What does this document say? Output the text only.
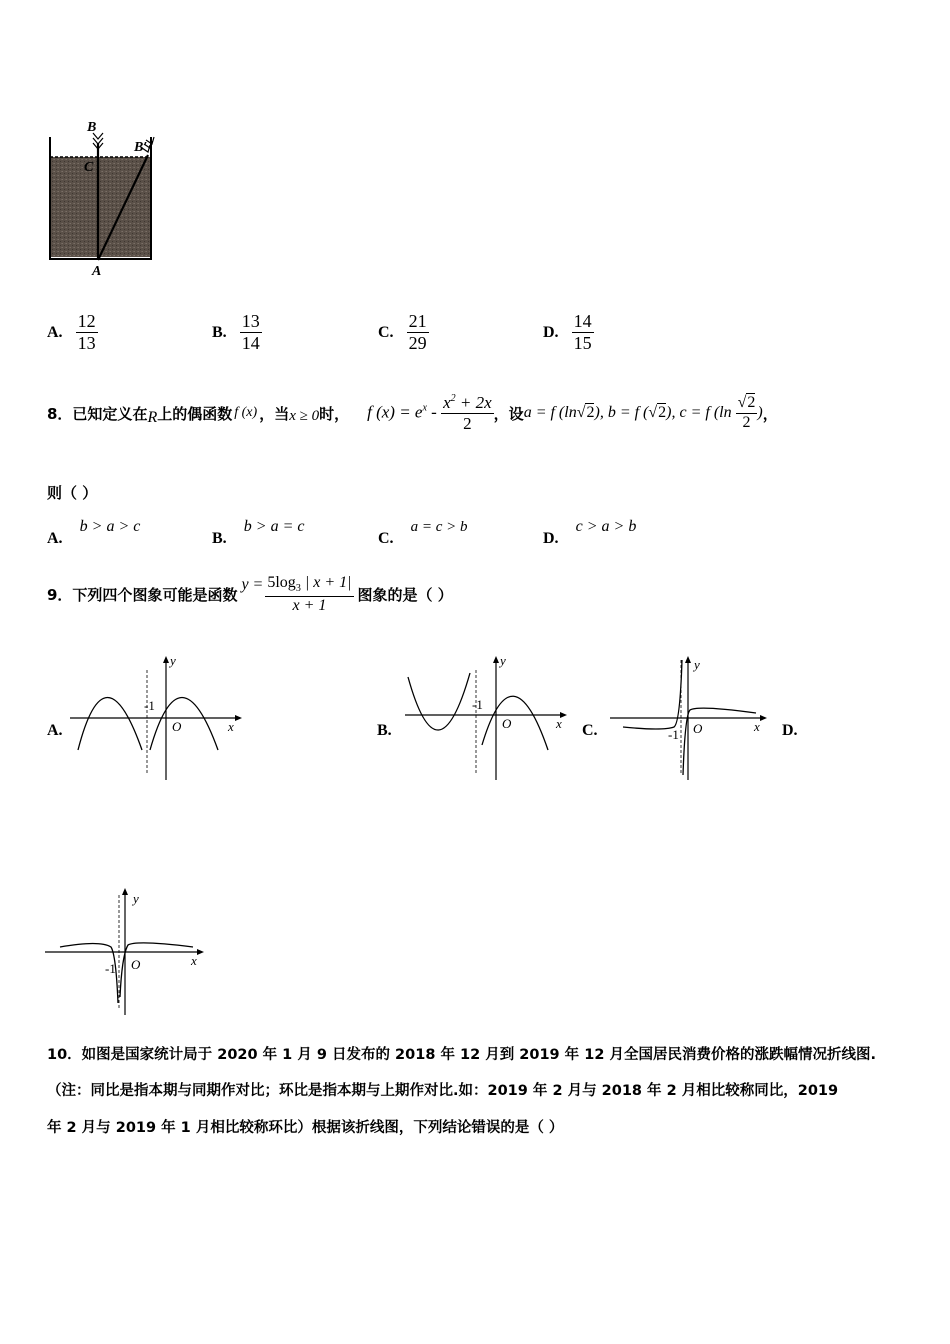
B
B′
C
A
A. $\frac{12}{13}$	B. $\frac{13}{14}$	C. $\frac{21}{29}$	D. $\frac{14}{15}$
8．已知定义在 R 上的偶函数 f (x) ，当 x ≥ 0 时， f $(x) = e^x - \frac{x^2 + 2x}{2}$ ，设 a = f (ln√2), b = f (√2), c = f ($\ln \frac{√2}{2}$ ) ，
则（ ）
A. b > a > c
B. b > a = c
C. a = c > b
D. c > a > b
9．下列四个图象可能是函数
$y = \frac{5\log_3 | x + 1|}{x + 1}$ 图象的是（ ）
A.	B.	C.	D.
y
x
O
-1
y
x
O
-1
y
x
O
-1
y
x
O
-1
10．如图是国家统计局于 2020 年 1 月 9 日发布的 2018 年 12 月到 2019 年 12 月全国居民消费价格的涨跌幅情况折线图.
（注：同比是指本期与同期作对比；环比是指本期与上期作对比.如：2019 年 2 月与 2018 年 2 月相比较称同比，2019
年 2 月与 2019 年 1 月相比较称环比）根据该折线图，下列结论错误的是（ ）
